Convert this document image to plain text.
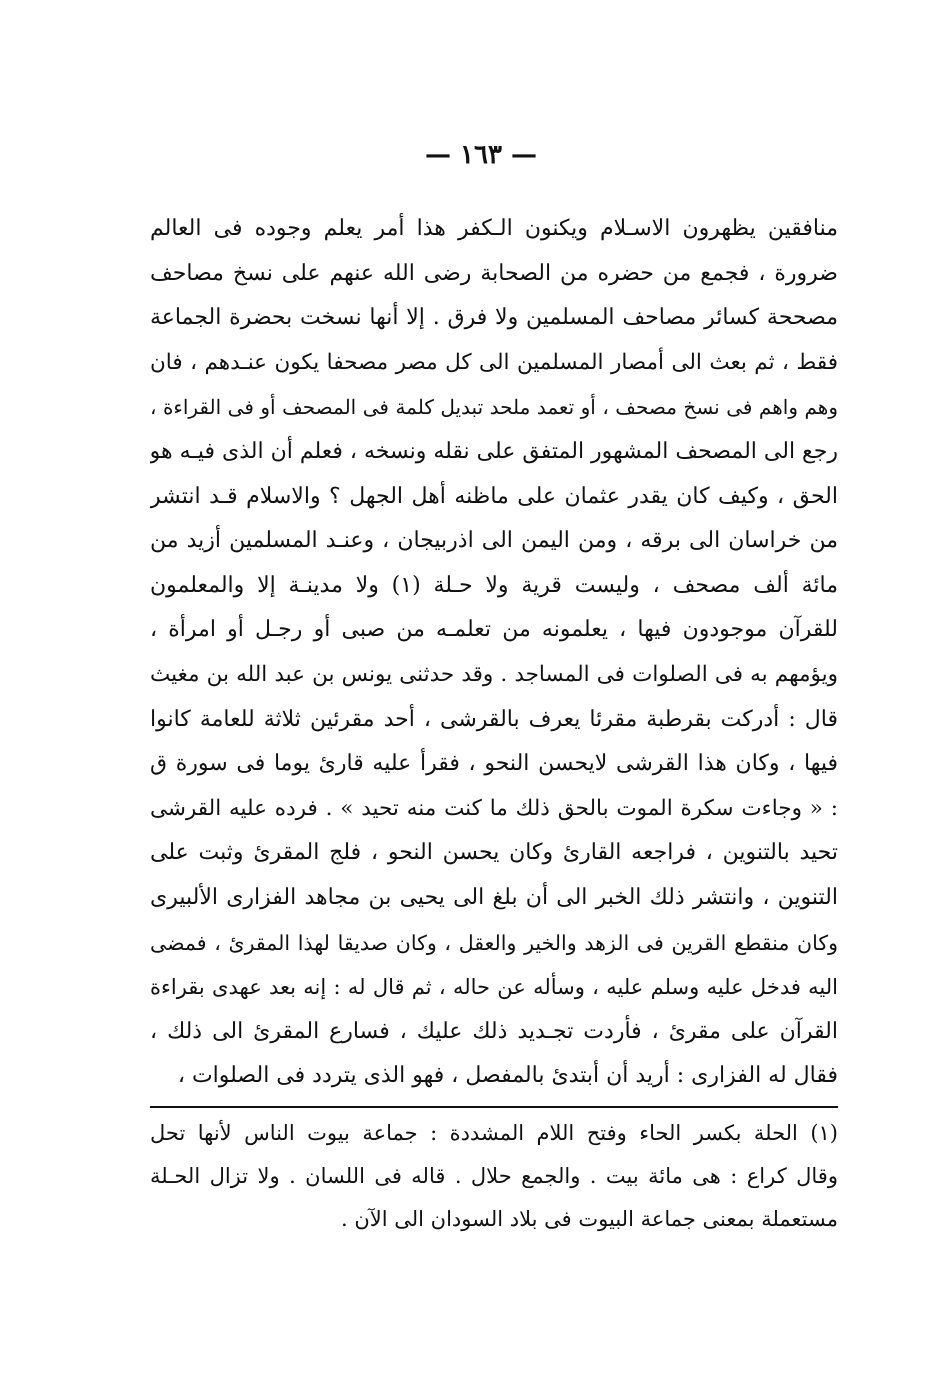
— ١٦٣ —
منافقين يظهرون الاسـلام ويكنون الـكفر هذا أمر يعلم وجوده فى العالم
ضرورة ، فجمع من حضره من الصحابة رضى الله عنهم على نسخ مصاحف
مصححة كسائر مصاحف المسلمين ولا فرق . إلا أنها نسخت بحضرة الجماعة
فقط ، ثم بعث الى أمصار المسلمين الى كل مصر مصحفا يكون عنـدهم ، فان
وهم واهم فى نسخ مصحف ، أو تعمد ملحد تبديل كلمة فى المصحف أو فى القراءة ،
رجع الى المصحف المشهور المتفق على نقله ونسخه ، فعلم أن الذى فيـه هو
الحق ، وكيف كان يقدر عثمان على ماظنه أهل الجهل ؟ والاسلام قـد انتشر
من خراسان الى برقه ، ومن اليمن الى اذربيجان ، وعنـد المسلمين أزيد من
مائة ألف مصحف ، وليست قرية ولا حـلة (١) ولا مدينـة إلا والمعلمون
للقرآن موجودون فيها ، يعلمونه من تعلمـه من صبى أو رجـل أو امرأة ،
ويؤمهم به فى الصلوات فى المساجد . وقد حدثنى يونس بن عبد الله بن مغيث
قال : أدركت بقرطبة مقرئا يعرف بالقرشى ، أحد مقرئين ثلاثة للعامة كانوا
فيها ، وكان هذا القرشى لايحسن النحو ، فقرأ عليه قارئ يوما فى سورة ق
: « وجاءت سكرة الموت بالحق ذلك ما كنت منه تحيد » . فرده عليه القرشى
تحيد بالتنوين ، فراجعه القارئ وكان يحسن النحو ، فلج المقرئ وثبت على
التنوين ، وانتشر ذلك الخبر الى أن بلغ الى يحيى بن مجاهد الفزارى الألبيرى
وكان منقطع القرين فى الزهد والخير والعقل ، وكان صديقا لهذا المقرئ ، فمضى
اليه فدخل عليه وسلم عليه ، وسأله عن حاله ، ثم قال له : إنه بعد عهدى بقراءة
القرآن على مقرئ ، فأردت تجـديد ذلك عليك ، فسارع المقرئ الى ذلك ،
فقال له الفزارى : أريد أن أبتدئ بالمفصل ، فهو الذى يتردد فى الصلوات ،
(١) الحلة بكسر الحاء وفتح اللام المشددة : جماعة بيوت الناس لأنها تحل
وقال كراع : هى مائة بيت . والجمع حلال . قاله فى اللسان . ولا تزال الحـلة
مستعملة بمعنى جماعة البيوت فى بلاد السودان الى الآن .
